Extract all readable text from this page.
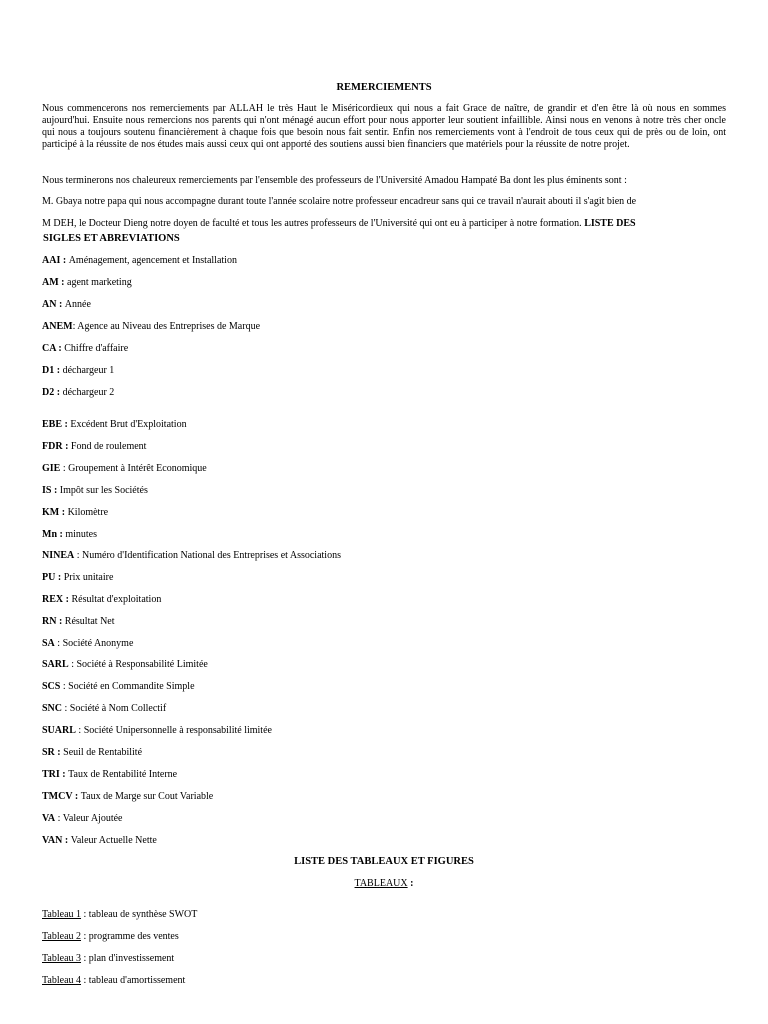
REMERCIEMENTS

Nous commencerons nos remerciements par ALLAH le très Haut le Miséricordieux qui nous a fait Grace de naître, de grandir et d'en être là où nous en sommes aujourd'hui. Ensuite nous remercions nos parents qui n'ont ménagé aucun effort pour nous apporter leur soutient infaillible. Ainsi nous en venons à notre très cher oncle qui nous a toujours soutenu financièrement à chaque fois que besoin nous fait sentir. Enfin nos remerciements vont à l'endroit de tous ceux qui de près ou de loin, ont participé à la réussite de nos études mais aussi ceux qui ont apporté des soutiens aussi bien financiers que matériels pour la réussite de notre projet.

Nous terminerons nos chaleureux remerciements par l'ensemble des professeurs de l'Université Amadou Hampaté Ba dont les plus éminents sont :

M. Gbaya notre papa qui nous accompagne durant toute l'année scolaire notre professeur encadreur sans qui ce travail n'aurait abouti il s'agit bien de
M DEH, le Docteur Dieng notre doyen de faculté et tous les autres professeurs de l'Université qui ont eu à participer à notre formation. LISTE DES

SIGLES ET ABREVIATIONS
AAI : Aménagement, agencement et Installation
AM : agent marketing
AN : Année
ANEM: Agence au Niveau des Entreprises de Marque
CA : Chiffre d'affaire
D1 : déchargeur 1
D2 : déchargeur 2
EBE : Excédent Brut d'Exploitation
FDR : Fond de roulement
GIE : Groupement à Intérêt Economique
IS : Impôt sur les Sociétés
KM : Kilomètre
Mn : minutes
NINEA : Numéro d'Identification National des Entreprises et Associations
PU : Prix unitaire
REX : Résultat d'exploitation
RN : Résultat Net
SA : Société Anonyme
SARL : Société à Responsabilité Limitée
SCS : Société en Commandite Simple
SNC : Société à Nom Collectif
SUARL : Société Unipersonnelle à responsabilité limitée
SR : Seuil de Rentabilité
TRI : Taux de Rentabilité Interne
TMCV : Taux de Marge sur Cout Variable
VA : Valeur Ajoutée
VAN : Valeur Actuelle Nette
LISTE DES TABLEAUX ET FIGURES
TABLEAUX :
Tableau 1 : tableau de synthèse SWOT
Tableau 2 : programme des ventes
Tableau 3 : plan d'investissement
Tableau 4 : tableau d'amortissement
